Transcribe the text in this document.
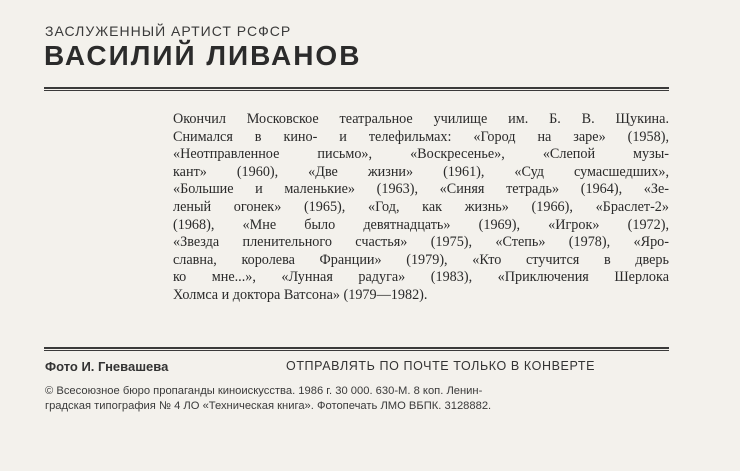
ЗАСЛУЖЕННЫЙ АРТИСТ РСФСР
ВАСИЛИЙ ЛИВАНОВ
Окончил Московское театральное училище им. Б. В. Щукина.
Снимался в кино- и телефильмах: «Город на заре» (1958),
«Неотправленное письмо», «Воскресенье», «Слепой музы-
кант» (1960), «Две жизни» (1961), «Суд сумасшедших»,
«Большие и маленькие» (1963), «Синяя тетрадь» (1964), «Зе-
леный огонек» (1965), «Год, как жизнь» (1966), «Браслет-2»
(1968), «Мне было девятнадцать» (1969), «Игрок» (1972),
«Звезда пленительного счастья» (1975), «Степь» (1978), «Яро-
славна, королева Франции» (1979), «Кто стучится в дверь
ко мне...», «Лунная радуга» (1983), «Приключения Шерлока
Холмса и доктора Ватсона» (1979—1982).
Фото И. Гневашева	ОТПРАВЛЯТЬ ПО ПОЧТЕ ТОЛЬКО В КОНВЕРТЕ
© Всесоюзное бюро пропаганды киноискусства. 1986 г. 30 000. 630-М. 8 коп. Ленин-
градская типография № 4 ЛО «Техническая книга». Фотопечать ЛМО ВБПК. 3128882.
